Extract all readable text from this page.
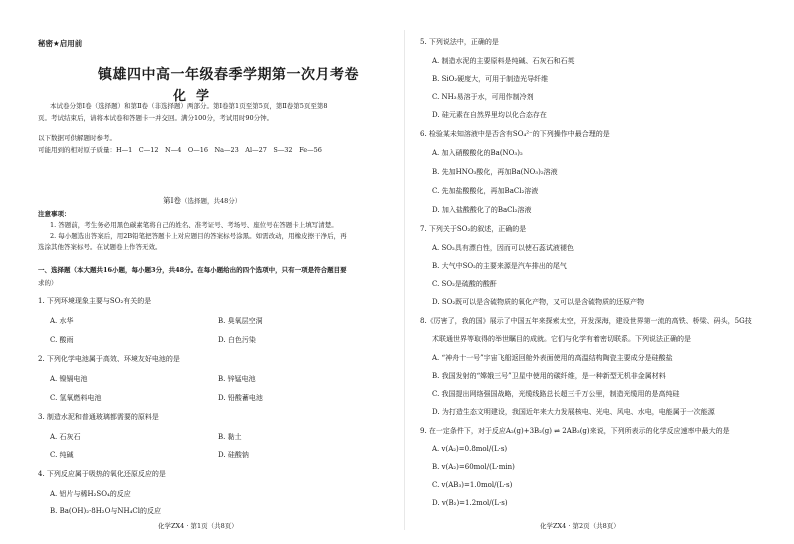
秘密★启用前
镇雄四中高一年级春季学期第一次月考卷
化学
本试卷分第Ⅰ卷（选择题）和第Ⅱ卷（非选择题）两部分。第Ⅰ卷第1页至第5页，第Ⅱ卷第5页至第8
页。考试结束后，请将本试卷和答题卡一并交回。满分100分，考试用时90分钟。
以下数据可供解题时参考。
可能用到的相对原子质量：H—1　C—12　N—4　O—16　Na—23　Al—27　S—32　Fe—56
第Ⅰ卷（选择题，共48分）
注意事项：
1. 答题前，考生务必用黑色碳素笔将自己的姓名、准考证号、考场号、座位号在答题卡上填写清楚。
2. 每小题选出答案后，用2B铅笔把答题卡上对应题目的答案标号涂黑。如需改动，用橡皮擦干净后，再
选涂其他答案标号。在试题卷上作答无效。
一、选择题（本大题共16小题，每小题3分，共48分。在每小题给出的四个选项中，只有一项是符合题目要
求的）
1. 下列环境现象主要与SO₂有关的是
A. 水华	B. 臭氧层空洞
C. 酸雨	D. 白色污染
2. 下列化学电池属于高效、环境友好电池的是
A. 镍镉电池	B. 锌锰电池
C. 氢氧燃料电池	D. 铅酸蓄电池
3. 制造水泥和普通玻璃都需要的原料是
A. 石灰石	B. 黏土
C. 纯碱	D. 硅酸钠
4. 下列反应属于吸热的氧化还原反应的是
A. 铝片与稀H₂SO₄的反应
B. Ba(OH)₂·8H₂O与NH₄Cl的反应
化学ZX4 · 第1页（共8页）
5. 下列说法中，正确的是
A. 制造水泥的主要原料是纯碱、石灰石和石英
B. SiO₂硬度大，可用于制造光导纤维
C. NH₃易溶于水，可用作制冷剂
D. 硅元素在自然界里均以化合态存在
6. 检验某未知溶液中是否含有SO₄²⁻的下列操作中最合理的是
A. 加入硝酸酸化的Ba(NO₃)₂
B. 先加HNO₃酸化，再加Ba(NO₃)₂溶液
C. 先加盐酸酸化，再加BaCl₂溶液
D. 加入盐酸酸化了的BaCl₂溶液
7. 下列关于SO₂的叙述，正确的是
A. SO₂具有漂白性，因而可以使石蕊试液褪色
B. 大气中SO₂的主要来源是汽车排出的尾气
C. SO₂是硫酸的酸酐
D. SO₂既可以是含硫物质的氧化产物，又可以是含硫物质的还原产物
8.《厉害了，我的国》展示了中国五年来探索太空，开发深海，建设世界第一流的高铁、桥梁、码头，5G技
术联通世界等取得的举世瞩目的成就。它们与化学有着密切联系。下列说法正确的是
A. “神舟十一号”宇宙飞船返回舱外表面使用的高温结构陶瓷主要成分是硅酸盐
B. 我国发射的“嫦娥三号”卫星中使用的碳纤维，是一种新型无机非金属材料
C. 我国提出网络强国战略，光缆线路总长超三千万公里，制造光缆用的是高纯硅
D. 为打造生态文明建设，我国近年来大力发展核电、光电、风电、水电，电能属于一次能源
9. 在一定条件下，对于反应A₂(g)+3B₂(g) ⇌ 2AB₃(g)来说，下列所表示的化学反应速率中最大的是
A. v(A₂)=0.8mol/(L·s)
B. v(A₂)=60mol/(L·min)
C. v(AB₃)=1.0mol/(L·s)
D. v(B₂)=1.2mol/(L·s)
化学ZX4 · 第2页（共8页）
